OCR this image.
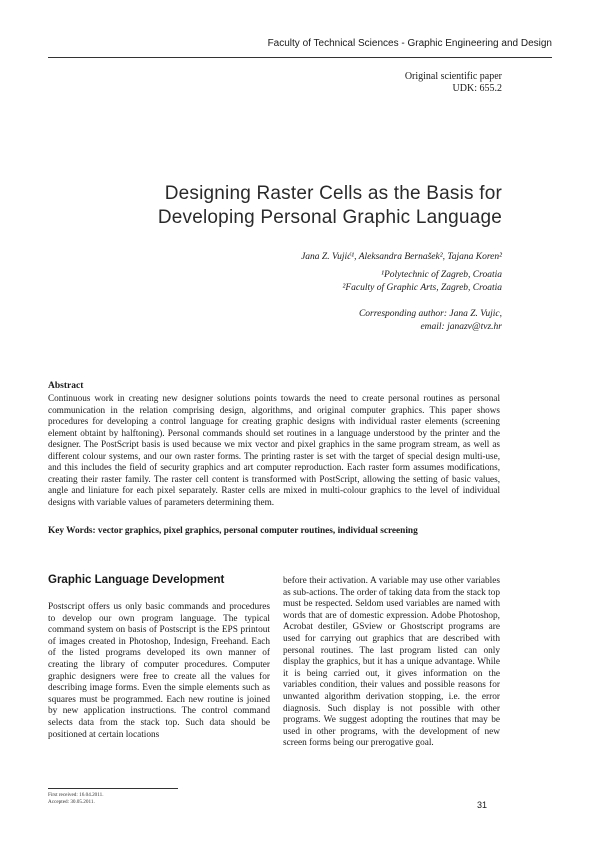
Faculty of Technical Sciences - Graphic Engineering and Design
Original scientific paper
UDK: 655.2
Designing Raster Cells as the Basis for
Developing Personal Graphic Language
Jana Z. Vujić¹, Aleksandra Bernašek², Tajana Koren²
¹Polytechnic of Zagreb, Croatia
²Faculty of Graphic Arts, Zagreb, Croatia
Corresponding author: Jana Z. Vujic,
email: janazv@tvz.hr
Abstract
Continuous work in creating new designer solutions points towards the need to create personal routines as personal communication in the relation comprising design, algorithms, and original computer graphics. This paper shows procedures for developing a control language for creating graphic designs with individual raster elements (screening element obtaint by halftoning). Personal commands should set routines in a language understood by the printer and the designer. The PostScript basis is used because we mix vector and pixel graphics in the same program stream, as well as different colour systems, and our own raster forms. The printing raster is set with the target of special design multi-use, and this includes the field of security graphics and art computer reproduction. Each raster form assumes modifications, creating their raster family. The raster cell content is transformed with PostScript, allowing the setting of basic values, angle and liniature for each pixel separately. Raster cells are mixed in multi-colour graphics to the level of individual designs with variable values of parameters determining them.
Key Words: vector graphics, pixel graphics, personal computer routines, individual screening
Graphic Language Development
Postscript offers us only basic commands and procedures to develop our own program language. The typical command system on basis of Postscript is the EPS printout of images created in Photoshop, Indesign, Freehand. Each of the listed programs developed its own manner of creating the library of computer procedures. Computer graphic designers were free to create all the values for describing image forms. Even the simple elements such as squares must be programmed. Each new routine is joined by new application instructions. The control command selects data from the stack top. Such data should be positioned at certain locations
before their activation. A variable may use other variables as sub-actions. The order of taking data from the stack top must be respected. Seldom used variables are named with words that are of domestic expression. Adobe Photoshop, Acrobat destiler, GSview or Ghostscript programs are used for carrying out graphics that are described with personal routines. The last program listed can only display the graphics, but it has a unique advantage. While it is being carried out, it gives information on the variables condition, their values and possible reasons for unwanted algorithm derivation stopping, i.e. the error diagnosis. Such display is not possible with other programs. We suggest adopting the routines that may be used in other programs, with the development of new screen forms being our prerogative goal.
First received: 16.04.2011.
Accepted: 30.05.2011.	31
